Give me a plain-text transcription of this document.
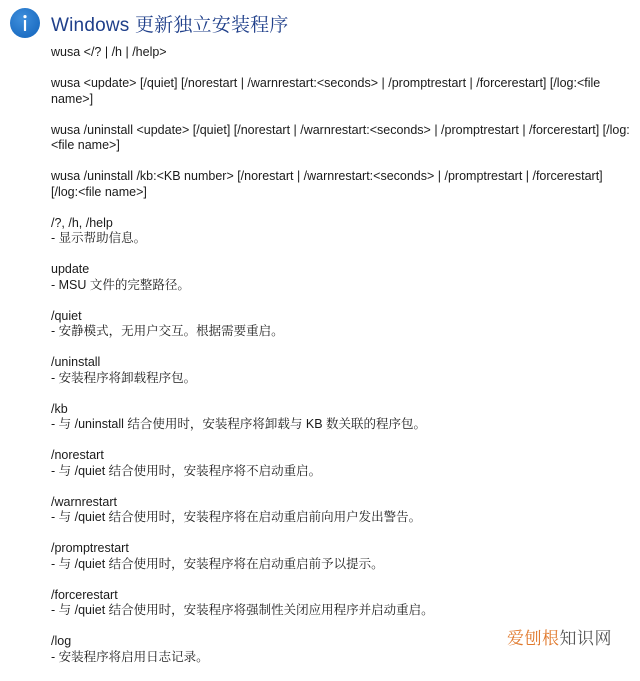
Windows 更新独立安装程序
wusa </? | /h | /help>
wusa <update> [/quiet] [/norestart | /warnrestart:<seconds> | /promptrestart | /forcerestart] [/log:<file name>]
wusa /uninstall <update> [/quiet] [/norestart | /warnrestart:<seconds> | /promptrestart | /forcerestart] [/log:<file name>]
wusa /uninstall /kb:<KB number> [/norestart | /warnrestart:<seconds> | /promptrestart | /forcerestart] [/log:<file name>]
/?, /h, /help
- 显示帮助信息。
update
- MSU 文件的完整路径。
/quiet
- 安静模式，无用户交互。根据需要重启。
/uninstall
- 安装程序将卸载程序包。
/kb
- 与 /uninstall 结合使用时，安装程序将卸载与 KB 数关联的程序包。
/norestart
- 与 /quiet 结合使用时，安装程序将不启动重启。
/warnrestart
- 与 /quiet 结合使用时，安装程序将在启动重启前向用户发出警告。
/promptrestart
- 与 /quiet 结合使用时，安装程序将在启动重启前予以提示。
/forcerestart
- 与 /quiet 结合使用时，安装程序将强制性关闭应用程序并启动重启。
/log
- 安装程序将启用日志记录。
爱刨根知识网
